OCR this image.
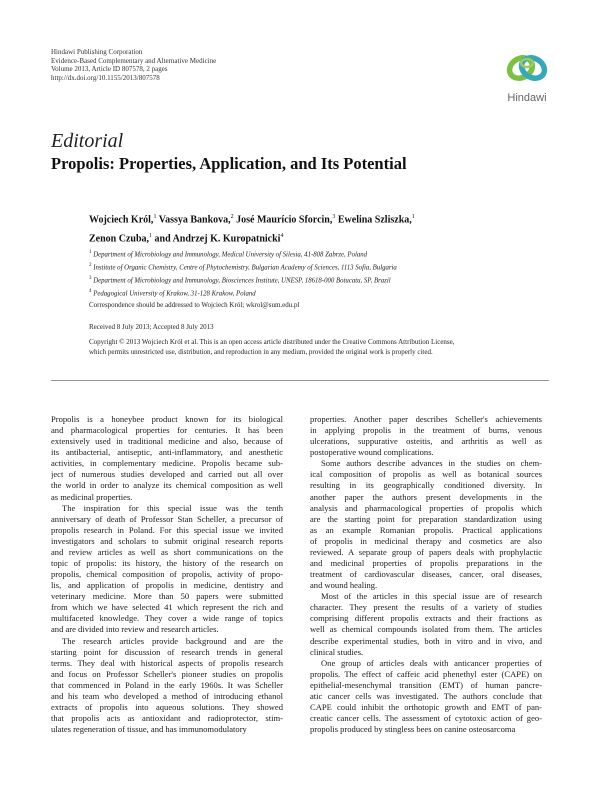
Hindawi Publishing Corporation
Evidence-Based Complementary and Alternative Medicine
Volume 2013, Article ID 807578, 2 pages
http://dx.doi.org/10.1155/2013/807578
Hindawi
Editorial
Propolis: Properties, Application, and Its Potential
Wojciech Król,$^1$ Vassya Bankova,$^2$ José Maurício Sforcin,$^3$ Ewelina Szliszka,$^1$
Zenon Czuba,$^1$ and Andrzej K. Kuropatnicki$^4$
$^1$ Department of Microbiology and Immunology, Medical University of Silesia, 41-808 Zabrze, Poland
$^2$ Institute of Organic Chemistry, Centre of Phytochemistry, Bulgarian Academy of Sciences, 1113 Sofia, Bulgaria
$^3$ Department of Microbiology and Immunology, Biosciences Institute, UNESP, 18618-000 Botucatu, SP, Brazil
$^4$ Pedagogical University of Krakow, 31-128 Krakow, Poland
Correspondence should be addressed to Wojciech Król; wkrol@sum.edu.pl
Received 8 July 2013; Accepted 8 July 2013
Copyright © 2013 Wojciech Król et al. This is an open access article distributed under the Creative Commons Attribution License,
which permits unrestricted use, distribution, and reproduction in any medium, provided the original work is properly cited.

Propolis is a honeybee product known for its biological
and pharmacological properties for centuries. It has been
extensively used in traditional medicine and also, because of
its antibacterial, antiseptic, anti-inflammatory, and anesthetic
activities, in complementary medicine. Propolis became sub-
ject of numerous studies developed and carried out all over
the world in order to analyze its chemical composition as well
as medicinal properties.

The inspiration for this special issue was the tenth
anniversary of death of Professor Stan Scheller, a precursor of
propolis research in Poland. For this special issue we invited
investigators and scholars to submit original research reports
and review articles as well as short communications on the
topic of propolis: its history, the history of the research on
propolis, chemical composition of propolis, activity of propo-
lis, and application of propolis in medicine, dentistry and
veterinary medicine. More than 50 papers were submitted
from which we have selected 41 which represent the rich and
multifaceted knowledge. They cover a wide range of topics
and are divided into review and research articles.

The research articles provide background and are the
starting point for discussion of research trends in general
terms. They deal with historical aspects of propolis research
and focus on Professor Scheller's pioneer studies on propolis
that commenced in Poland in the early 1960s. It was Scheller
and his team who developed a method of introducing ethanol
extracts of propolis into aqueous solutions. They showed
that propolis acts as antioxidant and radioprotector, stim-
ulates regeneration of tissue, and has immunomodulatory

properties. Another paper describes Scheller's achievements
in applying propolis in the treatment of burns, venous
ulcerations, suppurative osteitis, and arthritis as well as
postoperative wound complications.

Some authors describe advances in the studies on chem-
ical composition of propolis as well as botanical sources
resulting in its geographically conditioned diversity. In
another paper the authors present developments in the
analysis and pharmacological properties of propolis which
are the starting point for preparation standardization using
as an example Romanian propolis. Practical applications
of propolis in medicinal therapy and cosmetics are also
reviewed. A separate group of papers deals with prophylactic
and medicinal properties of propolis preparations in the
treatment of cardiovascular diseases, cancer, oral diseases,
and wound healing.

Most of the articles in this special issue are of research
character. They present the results of a variety of studies
comprising different propolis extracts and their fractions as
well as chemical compounds isolated from them. The articles
describe experimental studies, both in vitro and in vivo, and
clinical studies.

One group of articles deals with anticancer properties of
propolis. The effect of caffeic acid phenethyl ester (CAPE) on
epithelial-mesenchymal transition (EMT) of human pancre-
atic cancer cells was investigated. The authors conclude that
CAPE could inhibit the orthotopic growth and EMT of pan-
creatic cancer cells. The assessment of cytotoxic action of geo-
propolis produced by stingless bees on canine osteosarcoma
